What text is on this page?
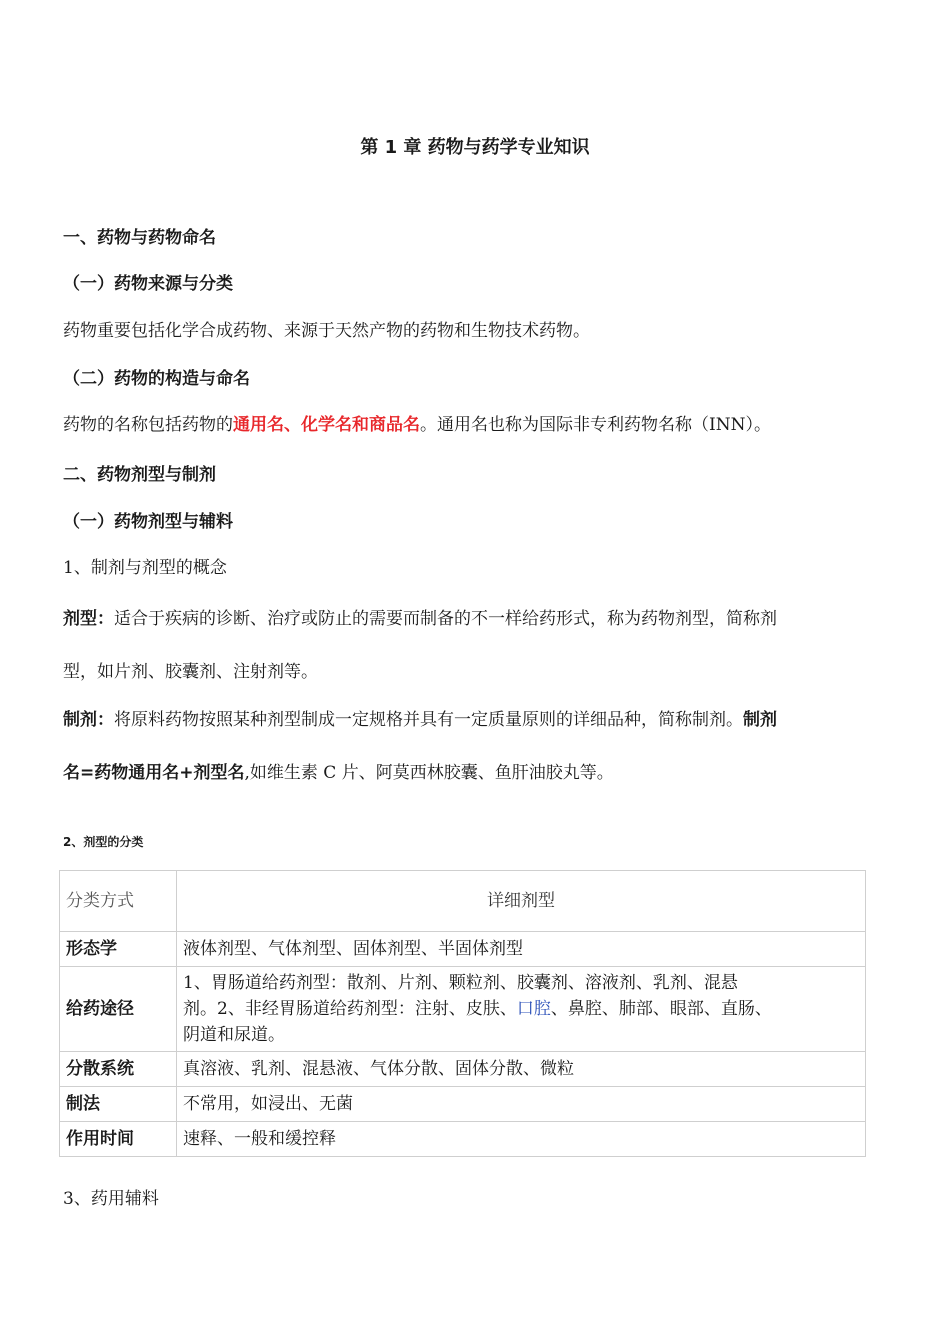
第 1 章 药物与药学专业知识
一、药物与药物命名
（一）药物来源与分类
药物重要包括化学合成药物、来源于天然产物的药物和生物技术药物。
（二）药物的构造与命名
药物的名称包括药物的通用名、化学名和商品名。通用名也称为国际非专利药物名称（INN）。
二、药物剂型与制剂
（一）药物剂型与辅料
1、制剂与剂型的概念
剂型：适合于疾病的诊断、治疗或防止的需要而制备的不一样给药形式，称为药物剂型，简称剂
型，如片剂、胶囊剂、注射剂等。
制剂：将原料药物按照某种剂型制成一定规格并具有一定质量原则的详细品种，简称制剂。制剂
名=药物通用名+剂型名,如维生素 C 片、阿莫西林胶囊、鱼肝油胶丸等。
2、剂型的分类
分类方式	详细剂型
形态学	液体剂型、气体剂型、固体剂型、半固体剂型
给药途径	1、胃肠道给药剂型：散剂、片剂、颗粒剂、胶囊剂、溶液剂、乳剂、混悬
剂。2、非经胃肠道给药剂型：注射、皮肤、口腔、鼻腔、肺部、眼部、直肠、
阴道和尿道。

分散系统	真溶液、乳剂、混悬液、气体分散、固体分散、微粒
制法	不常用，如浸出、无菌
作用时间	速释、一般和缓控释
3、药用辅料
